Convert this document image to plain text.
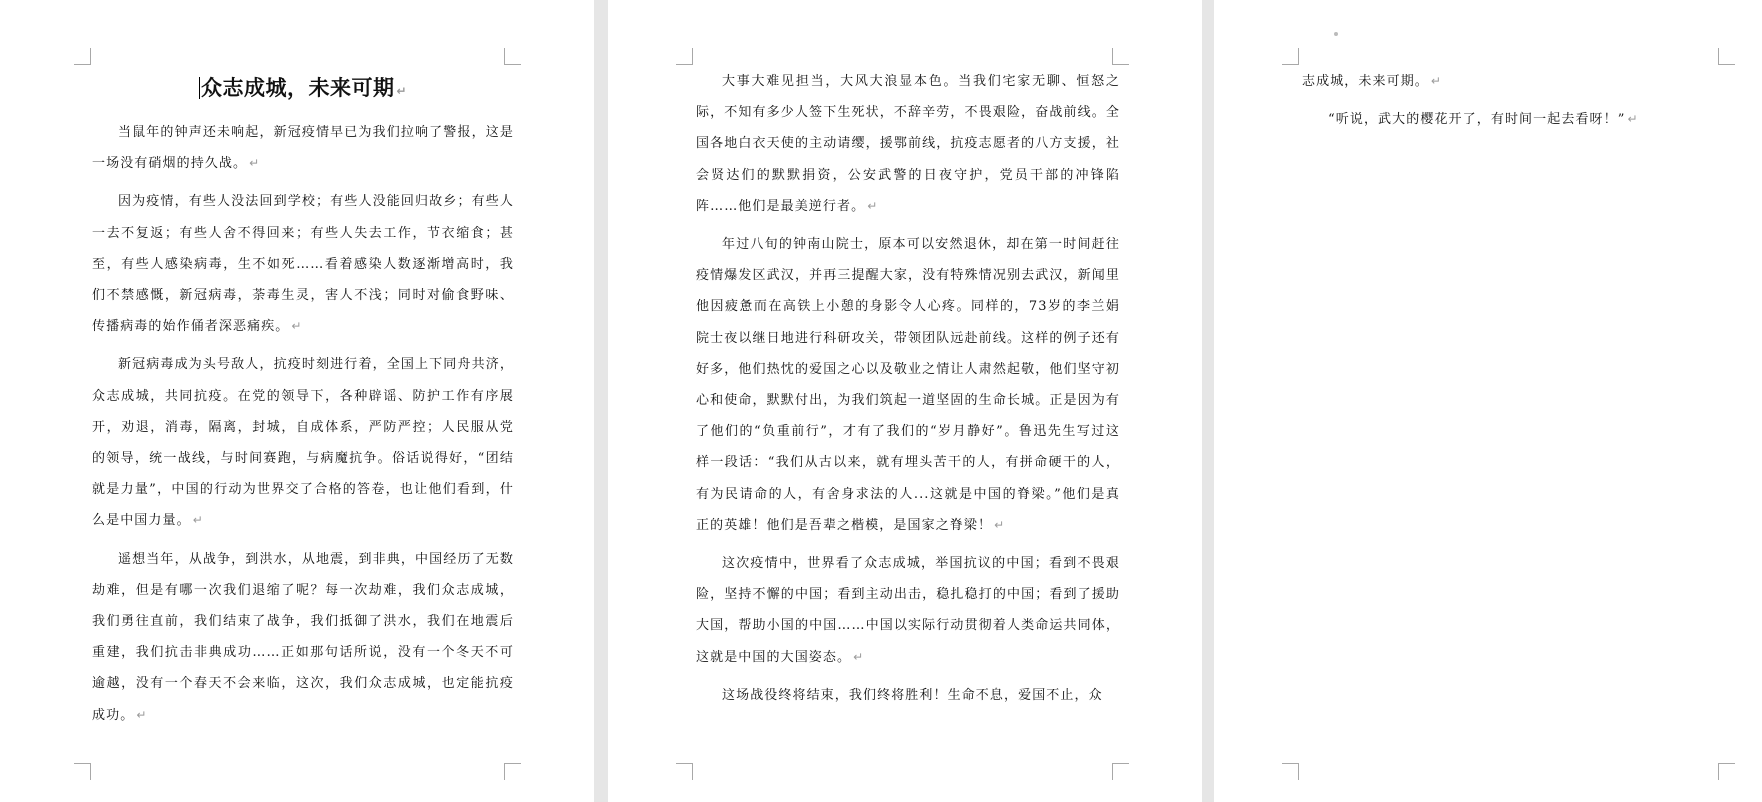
众志成城，未来可期 ↵

当鼠年的钟声还未响起，新冠疫情早已为我们拉响了警报，这是一场没有硝烟的持久战。 ↵

因为疫情，有些人没法回到学校；有些人没能回归故乡；有些人一去不复返；有些人舍不得回来；有些人失去工作，节衣缩食；甚至，有些人感染病毒，生不如死……看着感染人数逐渐增高时，我们不禁感慨，新冠病毒，荼毒生灵，害人不浅；同时对偷食野味、传播病毒的始作俑者深恶痛疾。 ↵

新冠病毒成为头号敌人，抗疫时刻进行着，全国上下同舟共济，众志成城，共同抗疫。在党的领导下，各种辟谣、防护工作有序展开，劝退，消毒，隔离，封城，自成体系，严防严控；人民服从党的领导，统一战线，与时间赛跑，与病魔抗争。俗话说得好，“团结就是力量”，中国的行动为世界交了合格的答卷，也让他们看到，什么是中国力量。 ↵

遥想当年，从战争，到洪水，从地震，到非典，中国经历了无数劫难，但是有哪一次我们退缩了呢？每一次劫难，我们众志成城，我们勇往直前，我们结束了战争，我们抵御了洪水，我们在地震后重建，我们抗击非典成功……正如那句话所说，没有一个冬天不可逾越，没有一个春天不会来临，这次，我们众志成城，也定能抗疫成功。 ↵

大事大难见担当，大风大浪显本色。当我们宅家无聊、恒怒之际，不知有多少人签下生死状，不辞辛劳，不畏艰险，奋战前线。全国各地白衣天使的主动请缨，援鄂前线，抗疫志愿者的八方支援，社会贤达们的默默捐资，公安武警的日夜守护，党员干部的冲锋陷阵……他们是最美逆行者。 ↵

年过八旬的钟南山院士，原本可以安然退休，却在第一时间赶往疫情爆发区武汉，并再三提醒大家，没有特殊情况别去武汉，新闻里他因疲惫而在高铁上小憩的身影令人心疼。同样的，73岁的李兰娟院士夜以继日地进行科研攻关，带领团队远赴前线。这样的例子还有好多，他们热忱的爱国之心以及敬业之情让人肃然起敬，他们坚守初心和使命，默默付出，为我们筑起一道坚固的生命长城。正是因为有了他们的“负重前行”，才有了我们的“岁月静好”。鲁迅先生写过这样一段话：“我们从古以来，就有埋头苦干的人，有拼命硬干的人，有为民请命的人，有舍身求法的人...这就是中国的脊梁。”他们是真正的英雄！他们是吾辈之楷模，是国家之脊梁！ ↵

这次疫情中，世界看了众志成城，举国抗议的中国；看到不畏艰险，坚持不懈的中国；看到主动出击，稳扎稳打的中国；看到了援助大国，帮助小国的中国……中国以实际行动贯彻着人类命运共同体，这就是中国的大国姿态。 ↵

这场战役终将结束，我们终将胜利！生命不息，爱国不止，众

志成城，未来可期。 ↵

“听说，武大的樱花开了，有时间一起去看呀！” ↵
